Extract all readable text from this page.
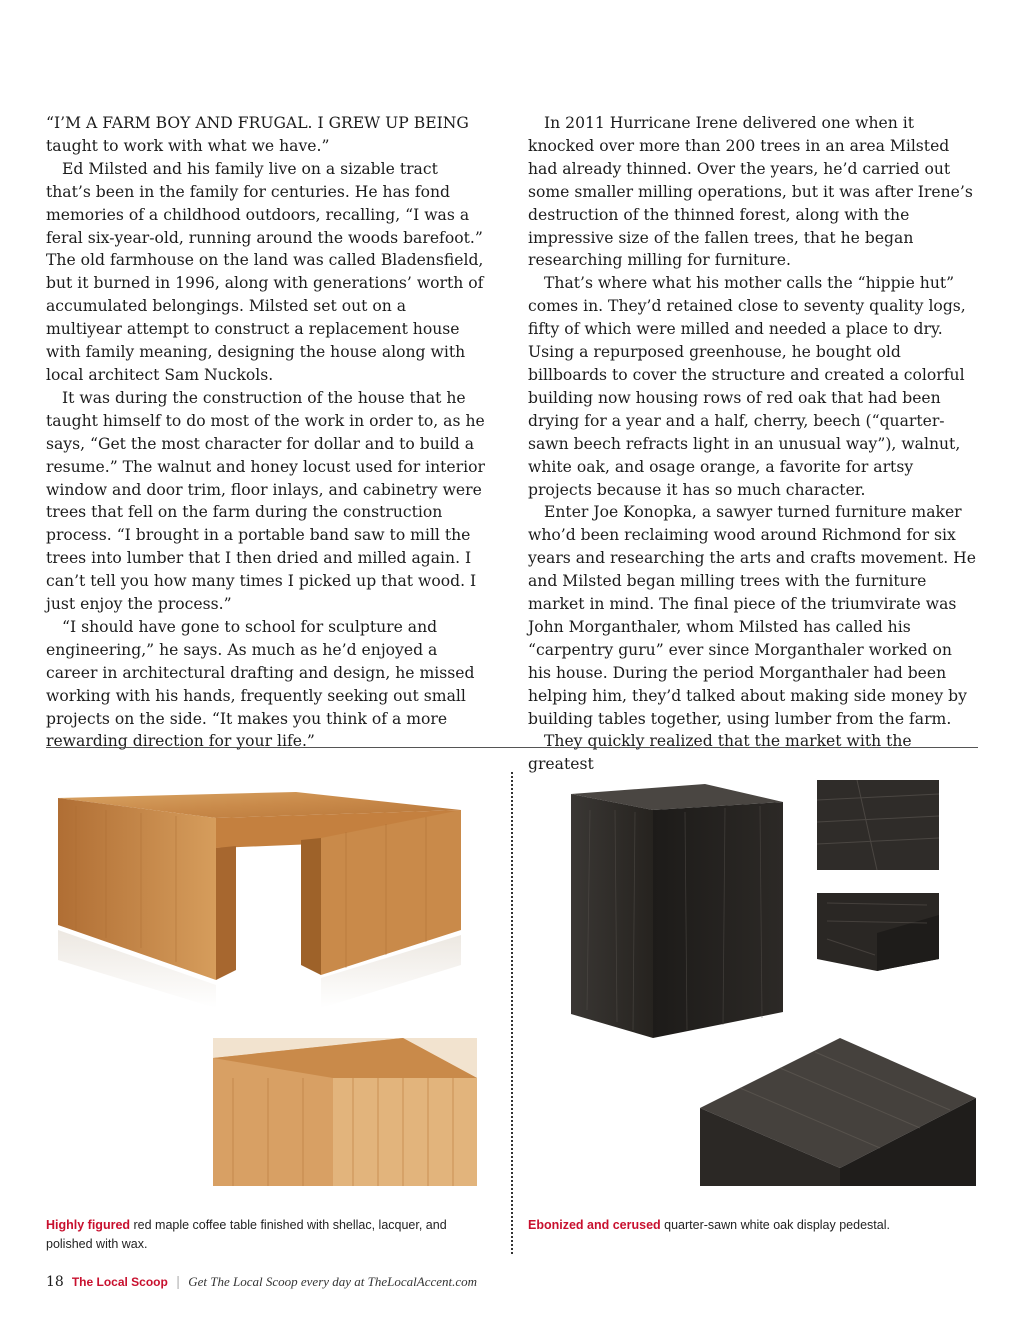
“I’M A FARM BOY AND FRUGAL. I GREW UP BEING taught to work with what we have.”

Ed Milsted and his family live on a sizable tract that’s been in the family for centuries. He has fond memories of a childhood outdoors, recalling, “I was a feral six-year-old, running around the woods barefoot.” The old farmhouse on the land was called Bladensfield, but it burned in 1996, along with generations’ worth of accumulated belongings. Milsted set out on a multiyear attempt to construct a replacement house with family meaning, designing the house along with local architect Sam Nuckols.

It was during the construction of the house that he taught himself to do most of the work in order to, as he says, “Get the most character for dollar and to build a resume.” The walnut and honey locust used for interior window and door trim, floor inlays, and cabinetry were trees that fell on the farm during the construction process. “I brought in a portable band saw to mill the trees into lumber that I then dried and milled again. I can’t tell you how many times I picked up that wood. I just enjoy the process.”

“I should have gone to school for sculpture and engineering,” he says. As much as he’d enjoyed a career in architectural drafting and design, he missed working with his hands, frequently seeking out small projects on the side. “It makes you think of a more rewarding direction for your life.”

In 2011 Hurricane Irene delivered one when it knocked over more than 200 trees in an area Milsted had already thinned. Over the years, he’d carried out some smaller milling operations, but it was after Irene’s destruction of the thinned forest, along with the impressive size of the fallen trees, that he began researching milling for furniture.

That’s where what his mother calls the “hippie hut” comes in. They’d retained close to seventy quality logs, fifty of which were milled and needed a place to dry. Using a repurposed greenhouse, he bought old billboards to cover the structure and created a colorful building now housing rows of red oak that had been drying for a year and a half, cherry, beech (“quarter-sawn beech refracts light in an unusual way”), walnut, white oak, and osage orange, a favorite for artsy projects because it has so much character.

Enter Joe Konopka, a sawyer turned furniture maker who’d been reclaiming wood around Richmond for six years and researching the arts and crafts movement. He and Milsted began milling trees with the furniture market in mind. The final piece of the triumvirate was John Morganthaler, whom Milsted has called his “carpentry guru” ever since Morganthaler worked on his house. During the period Morganthaler had been helping him, they’d talked about making side money by building tables together, using lumber from the farm.

They quickly realized that the market with the greatest

Highly figured red maple coffee table finished with shellac, lacquer, and polished with wax.
Ebonized and cerused quarter-sawn white oak display pedestal.
18 The Local Scoop | Get The Local Scoop every day at TheLocalAccent.com
